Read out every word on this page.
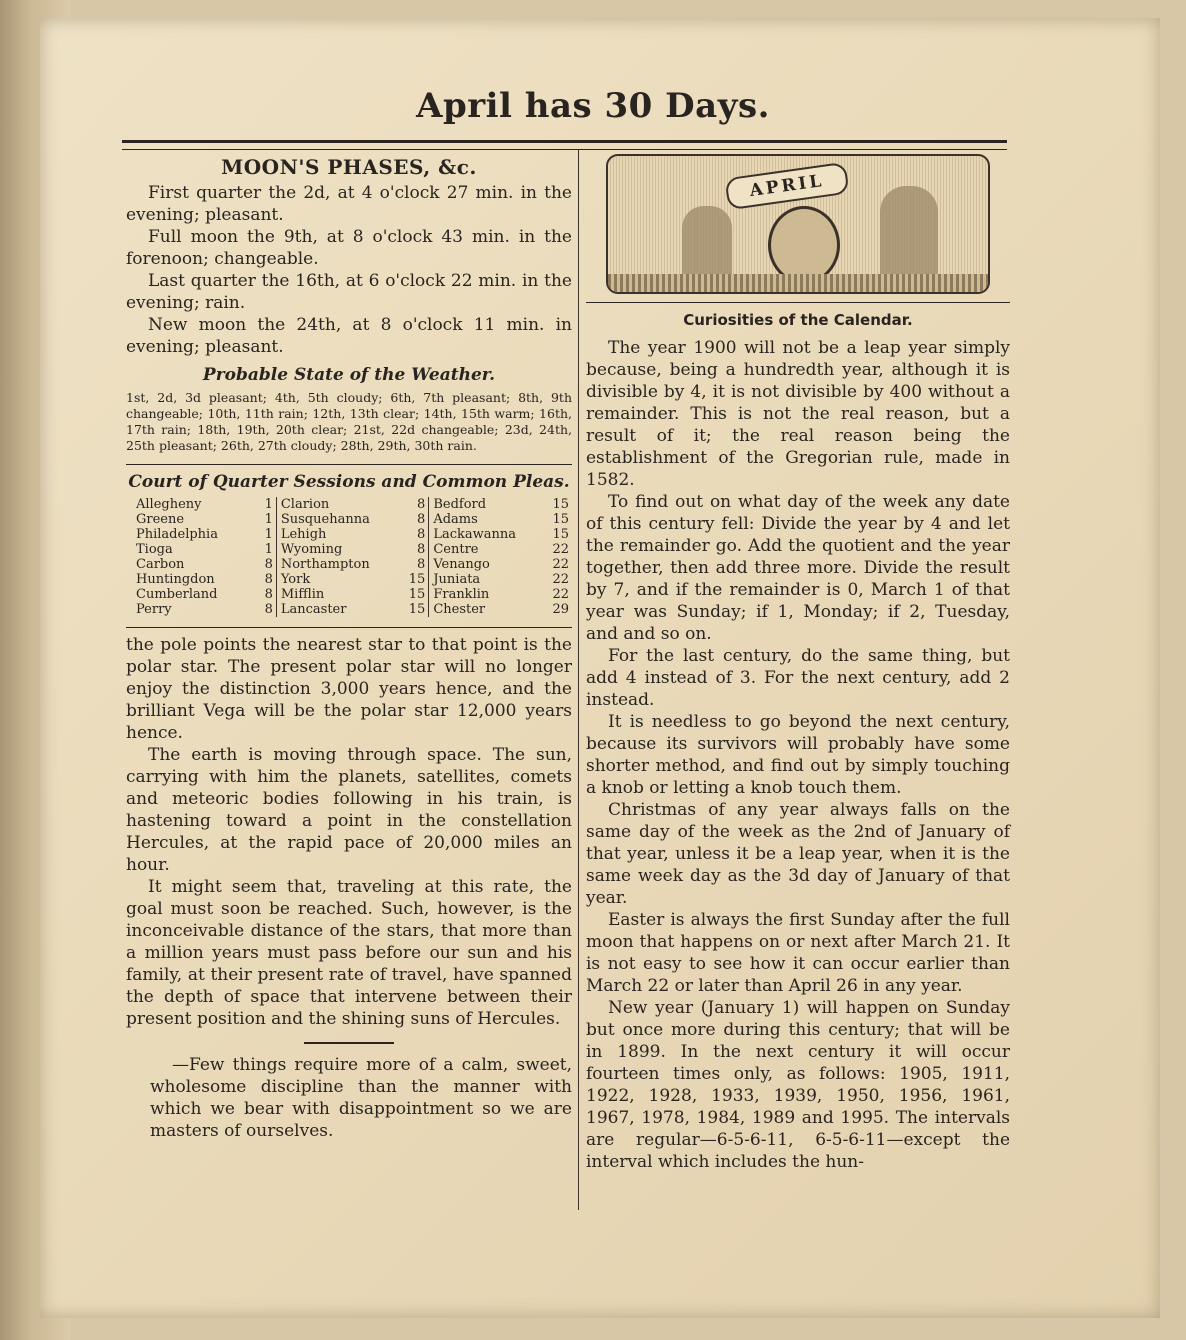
April has 30 Days.
MOON'S PHASES, &c.

First quarter the 2d, at 4 o'clock 27 min. in the evening; pleasant.

Full moon the 9th, at 8 o'clock 43 min. in the forenoon; changeable.

Last quarter the 16th, at 6 o'clock 22 min. in the evening; rain.

New moon the 24th, at 8 o'clock 11 min. in evening; pleasant.

Probable State of the Weather.

1st, 2d, 3d pleasant; 4th, 5th cloudy; 6th, 7th pleasant; 8th, 9th changeable; 10th, 11th rain; 12th, 13th clear; 14th, 15th warm; 16th, 17th rain; 18th, 19th, 20th clear; 21st, 22d changeable; 23d, 24th, 25th pleasant; 26th, 27th cloudy; 28th, 29th, 30th rain.

Court of Quarter Sessions and Common Pleas.
Allegheny	1	Clarion	8	Bedford	15
Greene	1	Susquehanna	8	Adams	15
Philadelphia	1	Lehigh	8	Lackawanna	15
Tioga	1	Wyoming	8	Centre	22
Carbon	8	Northampton	8	Venango	22
Huntingdon	8	York	15	Juniata	22
Cumberland	8	Mifflin	15	Franklin	22
Perry	8	Lancaster	15	Chester	29

the pole points the nearest star to that point is the polar star. The present polar star will no longer enjoy the distinction 3,000 years hence, and the brilliant Vega will be the polar star 12,000 years hence.

The earth is moving through space. The sun, carrying with him the planets, satellites, comets and meteoric bodies following in his train, is hastening toward a point in the constellation Hercules, at the rapid pace of 20,000 miles an hour.

It might seem that, traveling at this rate, the goal must soon be reached. Such, however, is the inconceivable distance of the stars, that more than a million years must pass before our sun and his family, at their present rate of travel, have spanned the depth of space that intervene between their present position and the shining suns of Hercules.

—Few things require more of a calm, sweet, wholesome discipline than the manner with which we bear with disappointment so we are masters of ourselves.

APRIL
Curiosities of the Calendar.

The year 1900 will not be a leap year simply because, being a hundredth year, although it is divisible by 4, it is not divisible by 400 without a remainder. This is not the real reason, but a result of it; the real reason being the establishment of the Gregorian rule, made in 1582.

To find out on what day of the week any date of this century fell: Divide the year by 4 and let the remainder go. Add the quotient and the year together, then add three more. Divide the result by 7, and if the remainder is 0, March 1 of that year was Sunday; if 1, Monday; if 2, Tuesday, and and so on.

For the last century, do the same thing, but add 4 instead of 3. For the next century, add 2 instead.

It is needless to go beyond the next century, because its survivors will probably have some shorter method, and find out by simply touching a knob or letting a knob touch them.

Christmas of any year always falls on the same day of the week as the 2nd of January of that year, unless it be a leap year, when it is the same week day as the 3d day of January of that year.

Easter is always the first Sunday after the full moon that happens on or next after March 21. It is not easy to see how it can occur earlier than March 22 or later than April 26 in any year.

New year (January 1) will happen on Sunday but once more during this century; that will be in 1899. In the next century it will occur fourteen times only, as follows: 1905, 1911, 1922, 1928, 1933, 1939, 1950, 1956, 1961, 1967, 1978, 1984, 1989 and 1995. The intervals are regular—6-5-6-11, 6-5-6-11—except the interval which includes the hun-
